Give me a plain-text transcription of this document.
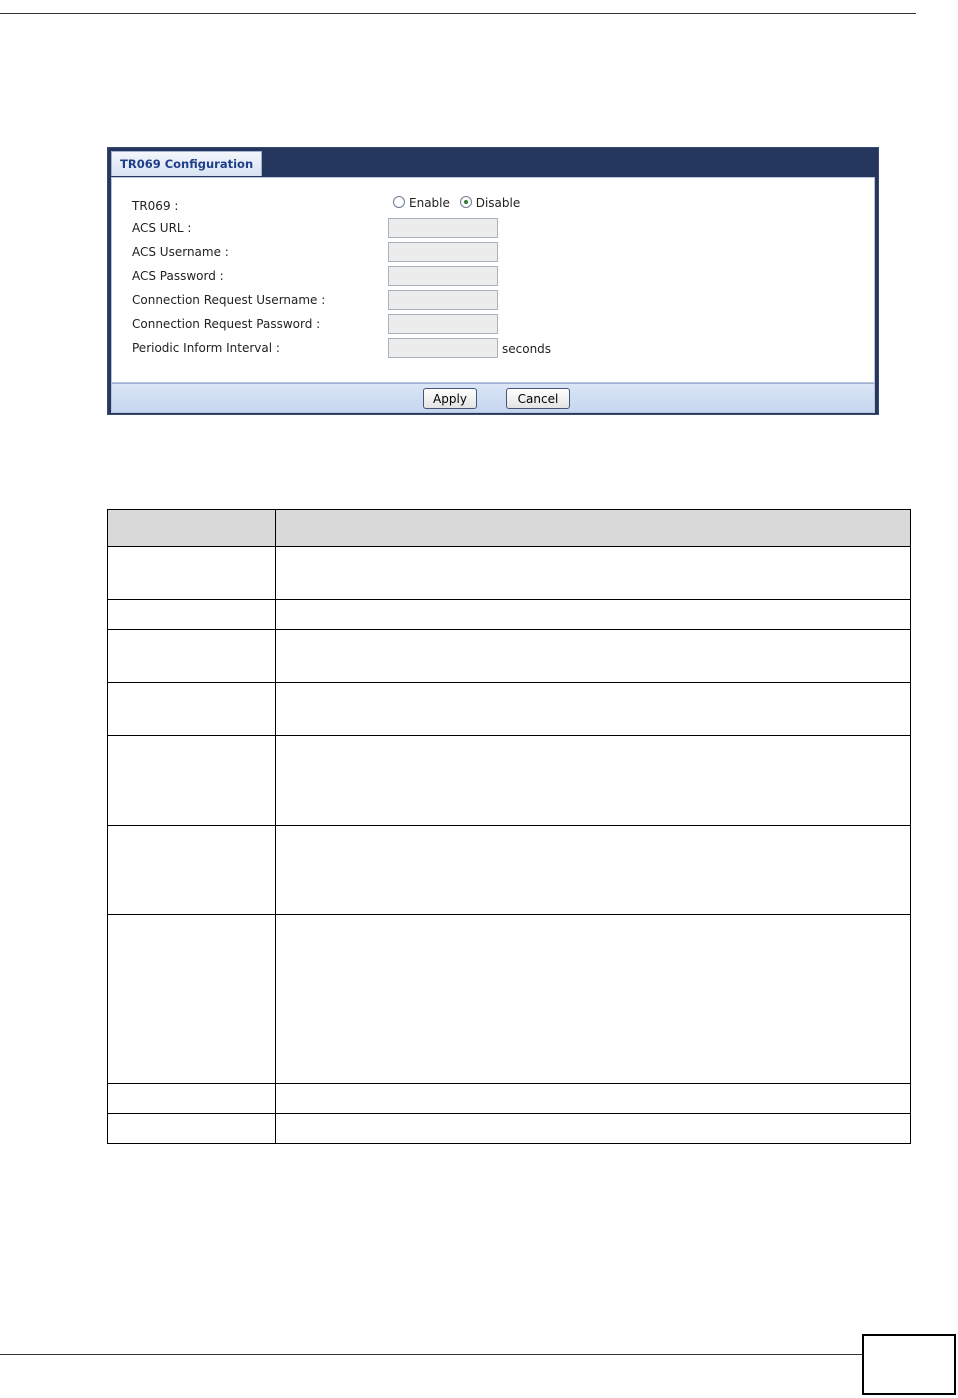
TR069 Configuration
TR069 :	Enable Disable
ACS URL :
ACS Username :
ACS Password :
Connection Request Username :
Connection Request Password :
Periodic Inform Interval :	seconds
Apply	Cancel
